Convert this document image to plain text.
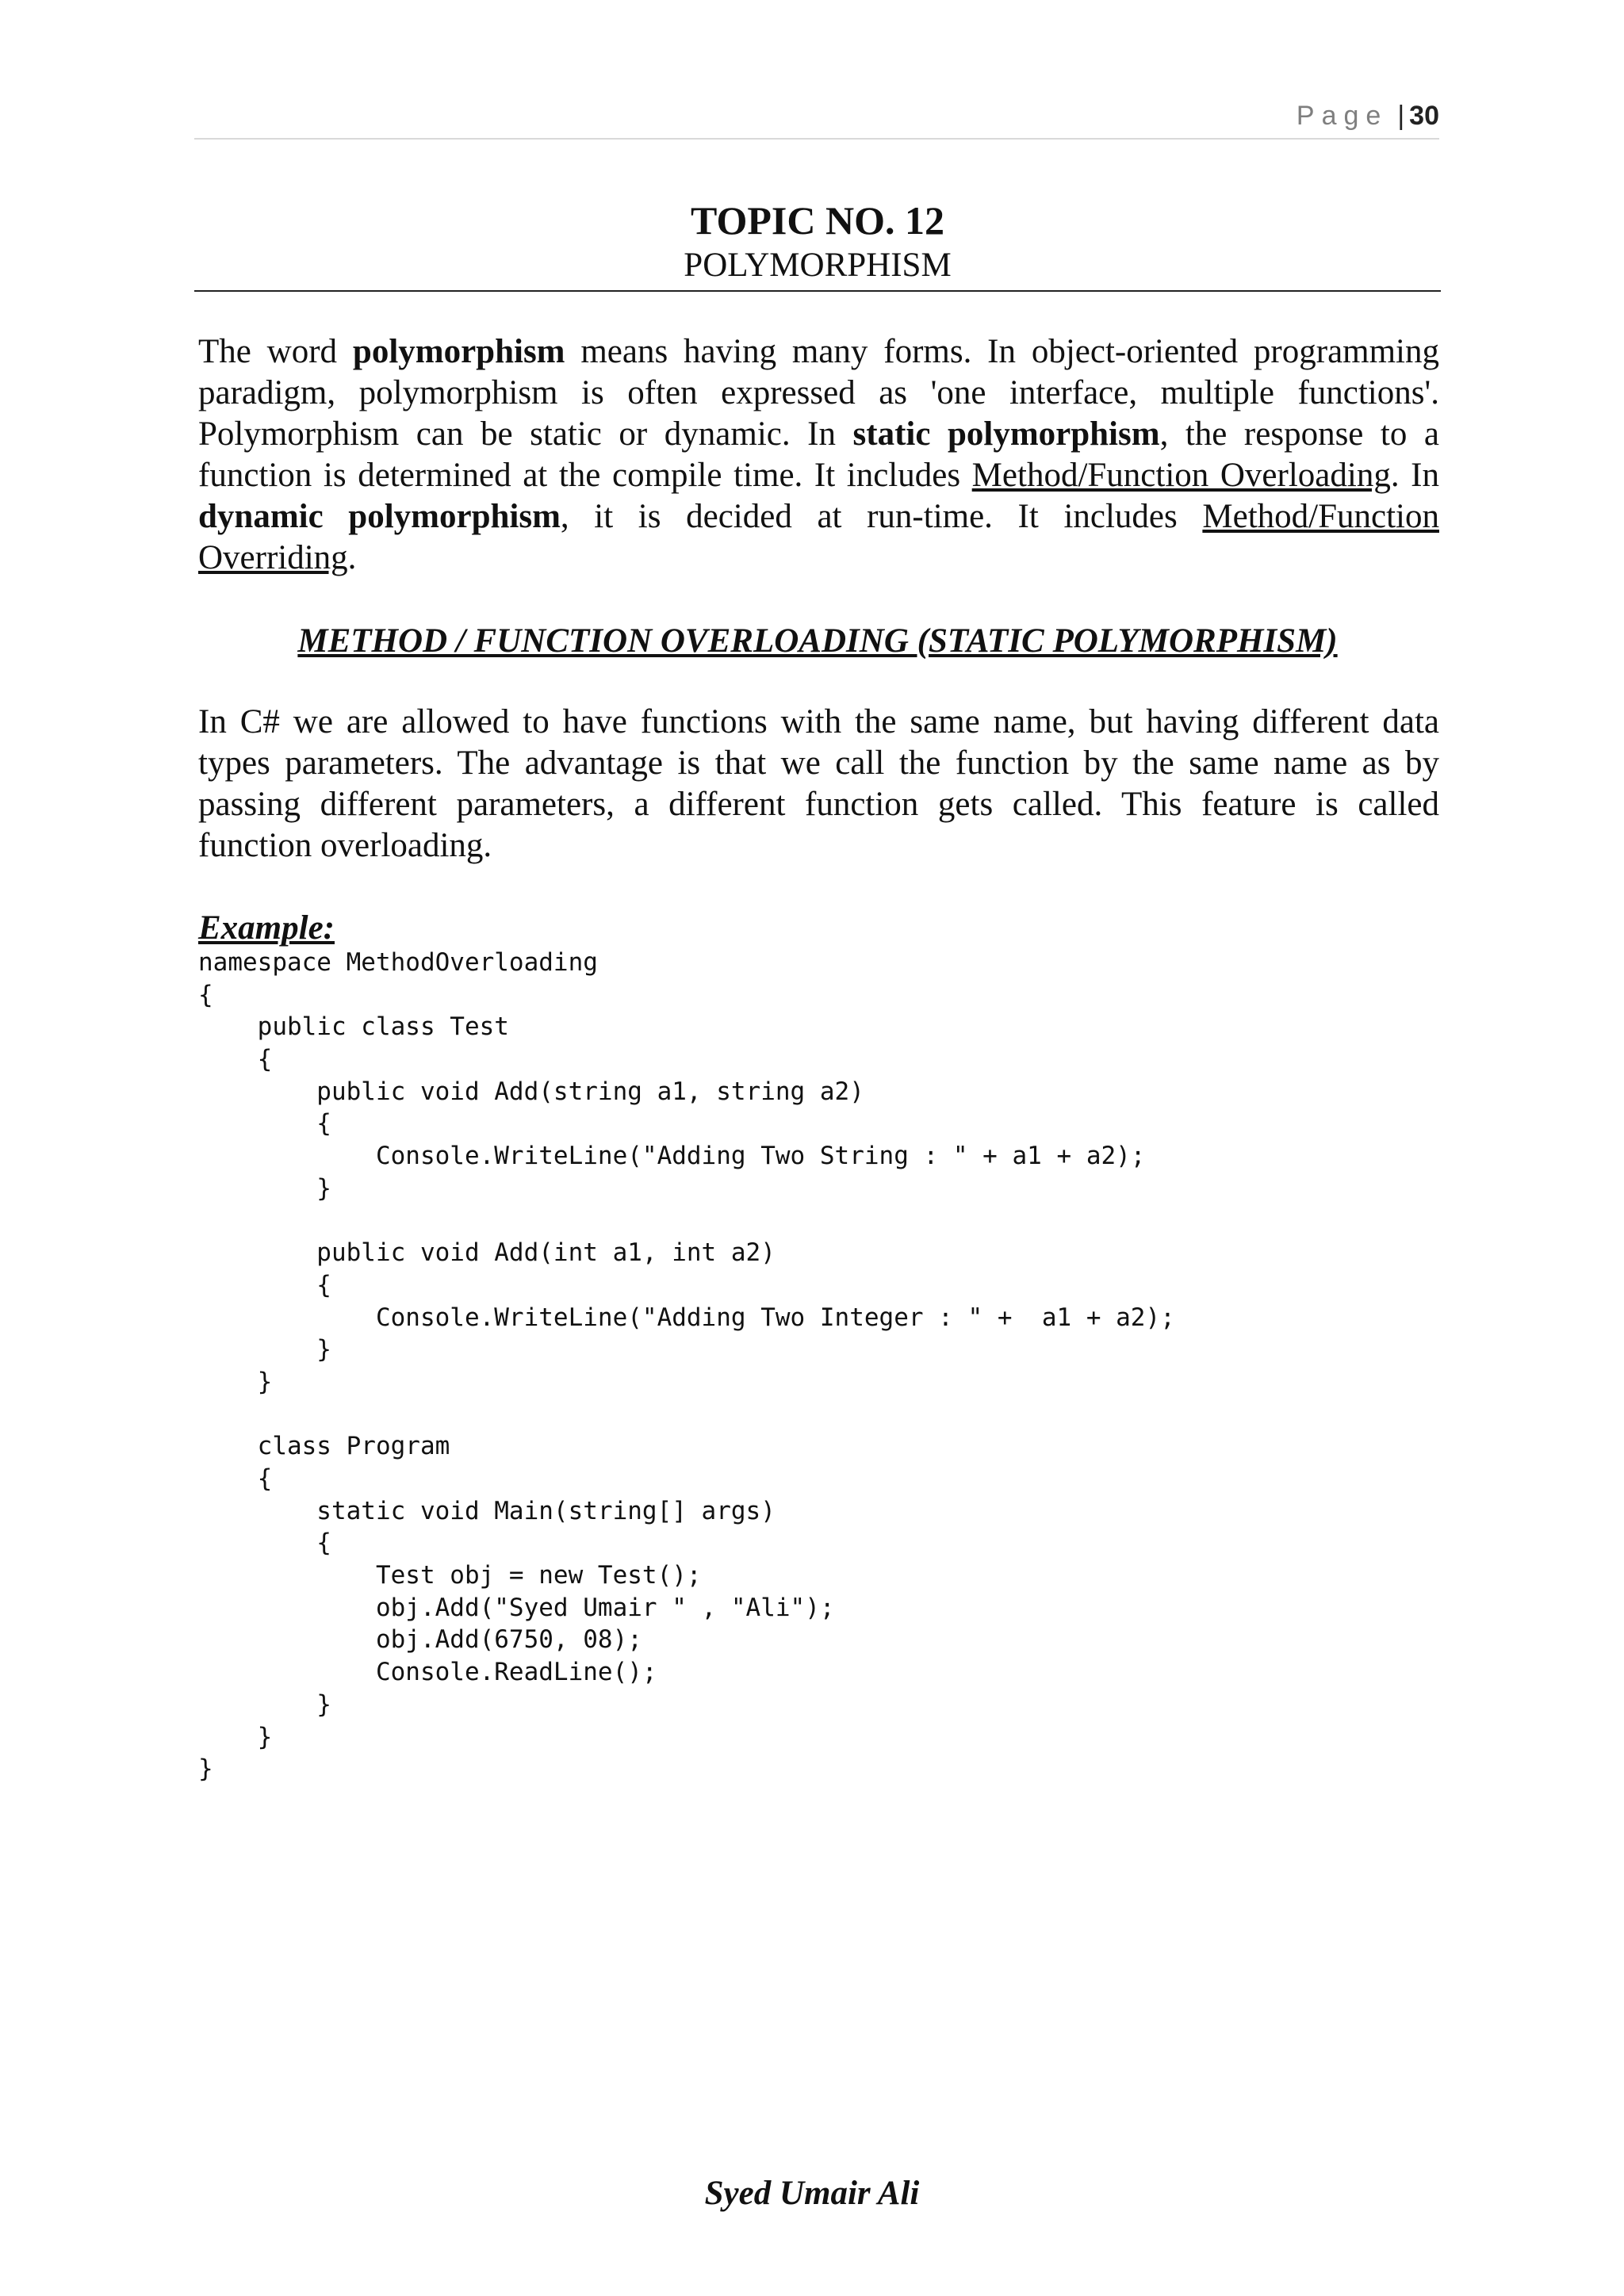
Page | 30
TOPIC NO. 12
POLYMORPHISM

The word polymorphism means having many forms. In object-oriented programming paradigm, polymorphism is often expressed as 'one interface, multiple functions'. Polymorphism can be static or dynamic. In static polymorphism, the response to a function is determined at the compile time. It includes Method/Function Overloading. In dynamic polymorphism, it is decided at run-time. It includes Method/Function Overriding.

METHOD / FUNCTION OVERLOADING (STATIC POLYMORPHISM)

In C# we are allowed to have functions with the same name, but having different data types parameters. The advantage is that we call the function by the same name as by passing different parameters, a different function gets called. This feature is called function overloading.

Example:
namespace MethodOverloading
{
public class Test
{
public void Add(string a1, string a2)
{
Console.WriteLine("Adding Two String : " + a1 + a2);
}
public void Add(int a1, int a2)
{
Console.WriteLine("Adding Two Integer : " +  a1 + a2);
}
}
class Program
{
static void Main(string[] args)
{
Test obj = new Test();
obj.Add("Syed Umair " , "Ali");
obj.Add(6750, 08);
Console.ReadLine();
}
}
}
Syed Umair Ali
